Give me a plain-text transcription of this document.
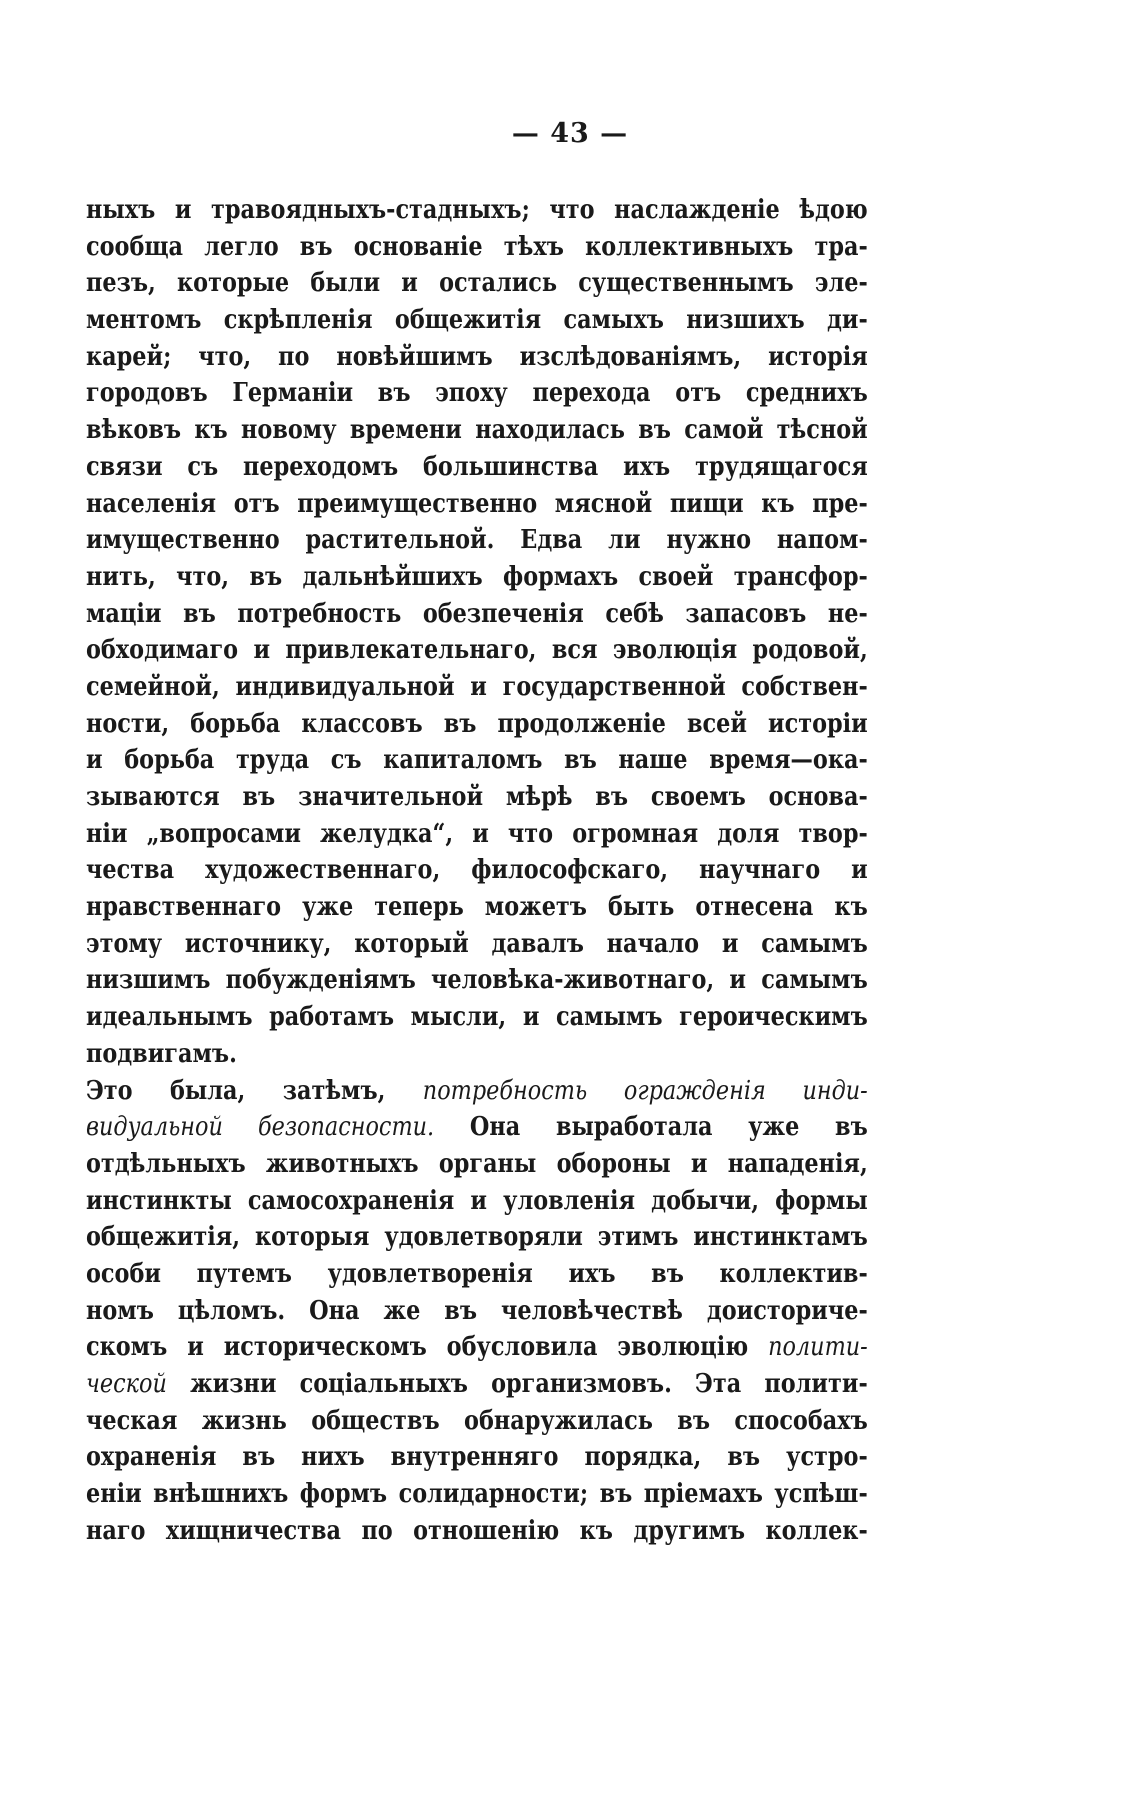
— 43 —
ныхъ и травоядныхъ-стадныхъ; что наслажденіе ѣдою
сообща легло въ основаніе тѣхъ коллективныхъ тра-
пезъ, которые были и остались существеннымъ эле-
ментомъ скрѣпленія общежитія самыхъ низшихъ ди-
карей; что, по новѣйшимъ изслѣдованіямъ, исторія
городовъ Германіи въ эпоху перехода отъ среднихъ
вѣковъ къ новому времени находилась въ самой тѣсной
связи съ переходомъ большинства ихъ трудящагося
населенія отъ преимущественно мясной пищи къ пре-
имущественно растительной. Едва ли нужно напом-
нить, что, въ дальнѣйшихъ формахъ своей трансфор-
маціи въ потребность обезпеченія себѣ запасовъ не-
обходимаго и привлекательнаго, вся эволюція родовой,
семейной, индивидуальной и государственной собствен-
ности, борьба классовъ въ продолженіе всей исторіи
и борьба труда съ капиталомъ въ наше время—ока-
зываются въ значительной мѣрѣ въ своемъ основа-
ніи „вопросами желудка“, и что огромная доля твор-
чества художественнаго, философскаго, научнаго и
нравственнаго уже теперь можетъ быть отнесена къ
этому источнику, который давалъ начало и самымъ
низшимъ побужденіямъ человѣка-животнаго, и самымъ
идеальнымъ работамъ мысли, и самымъ героическимъ
подвигамъ.
Это была, затѣмъ, потребность огражденія инди-
видуальной безопасности. Она выработала уже въ
отдѣльныхъ животныхъ органы обороны и нападенія,
инстинкты самосохраненія и уловленія добычи, формы
общежитія, которыя удовлетворяли этимъ инстинктамъ
особи путемъ удовлетворенія ихъ въ коллектив-
номъ цѣломъ. Она же въ человѣчествѣ доисториче-
скомъ и историческомъ обусловила эволюцію полити-
ческой жизни соціальныхъ организмовъ. Эта полити-
ческая жизнь обществъ обнаружилась въ способахъ
охраненія въ нихъ внутренняго порядка, въ устро-
еніи внѣшнихъ формъ солидарности; въ пріемахъ успѣш-
наго хищничества по отношенію къ другимъ коллек-
